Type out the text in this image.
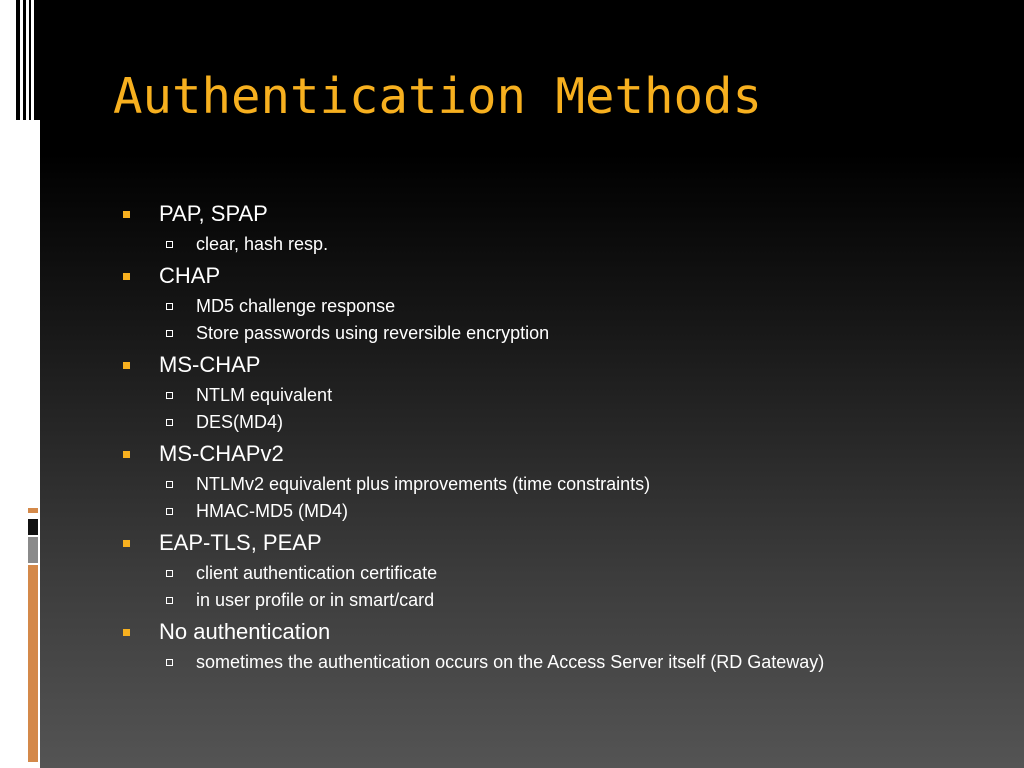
Authentication Methods
PAP, SPAP
clear, hash resp.
CHAP
MD5 challenge response
Store passwords using reversible encryption
MS-CHAP
NTLM equivalent
DES(MD4)
MS-CHAPv2
NTLMv2 equivalent plus improvements (time constraints)
HMAC-MD5 (MD4)
EAP-TLS, PEAP
client authentication certificate
in user profile or in smart/card
No authentication
sometimes the authentication occurs on the Access Server itself (RD Gateway)
